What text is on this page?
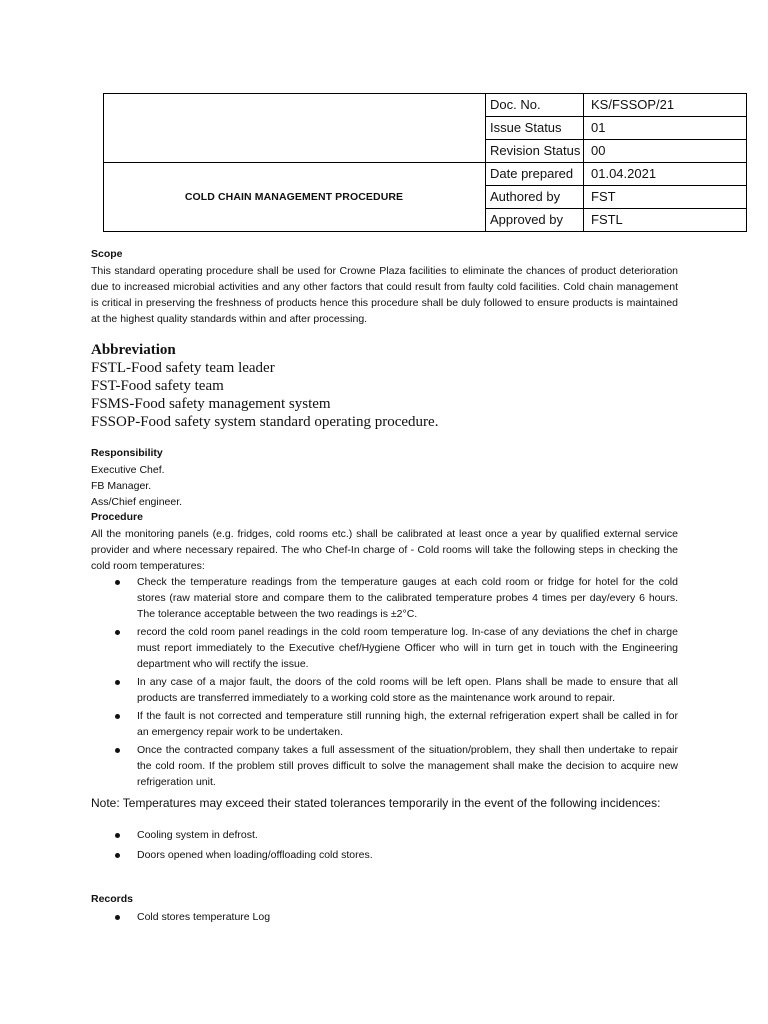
Doc. No.	KS/FSSOP/21
Issue Status	01
Revision Status 00
Date prepared	01.04.2021
Authored by	FST
Approved by	FSTL
COLD CHAIN MANAGEMENT PROCEDURE
Scope
This standard operating procedure shall be used for Crowne Plaza facilities to eliminate the chances of product deterioration due to increased microbial activities and any other factors that could result from faulty cold facilities. Cold chain management is critical in preserving the freshness of products hence this procedure shall be duly followed to ensure products is maintained at the highest quality standards within and after processing.
Abbreviation
FSTL-Food safety team leader
FST-Food safety team
FSMS-Food safety management system
FSSOP-Food safety system standard operating procedure.
Responsibility
Executive Chef.
FB Manager.
Ass/Chief engineer.
Procedure
All the monitoring panels (e.g. fridges, cold rooms etc.) shall be calibrated at least once a year by qualified external service provider and where necessary repaired. The who Chef-In charge of - Cold rooms will take the following steps in checking the cold room temperatures:
Check the temperature readings from the temperature gauges at each cold room or fridge for hotel for the cold stores (raw material store and compare them to the calibrated temperature probes 4 times per day/every 6 hours. The tolerance acceptable between the two readings is ±2°C.
record the cold room panel readings in the cold room temperature log. In-case of any deviations the chef in charge must report immediately to the Executive chef/Hygiene Officer who will in turn get in touch with the Engineering department who will rectify the issue.
In any case of a major fault, the doors of the cold rooms will be left open. Plans shall be made to ensure that all products are transferred immediately to a working cold store as the maintenance work around to repair.
If the fault is not corrected and temperature still running high, the external refrigeration expert shall be called in for an emergency repair work to be undertaken.
Once the contracted company takes a full assessment of the situation/problem, they shall then undertake to repair the cold room. If the problem still proves difficult to solve the management shall make the decision to acquire new refrigeration unit.
Note: Temperatures may exceed their stated tolerances temporarily in the event of the following incidences:
Cooling system in defrost.
Doors opened when loading/offloading cold stores.
Records
Cold stores temperature Log
